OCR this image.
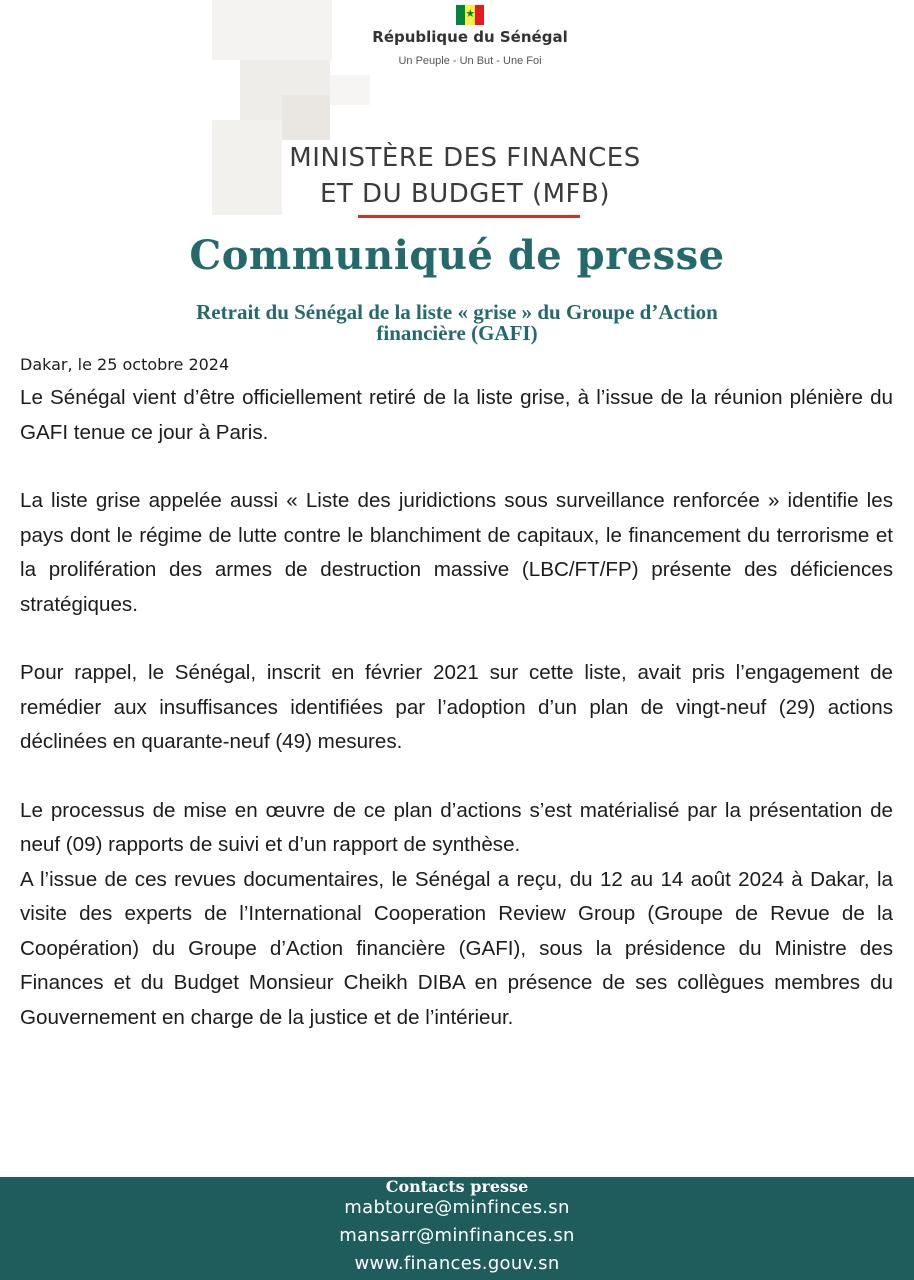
★
République du Sénégal
Un Peuple - Un But - Une Foi
MINISTÈRE DES FINANCES
ET DU BUDGET (MFB)
Communiqué de presse
Retrait du Sénégal de la liste « grise » du Groupe d’Action
financière (GAFI)
Dakar, le 25 octobre 2024

Le Sénégal vient d’être officiellement retiré de la liste grise, à l’issue de la réunion plénière du GAFI tenue ce jour à Paris.

La liste grise appelée aussi « Liste des juridictions sous surveillance renforcée » identifie les pays dont le régime de lutte contre le blanchiment de capitaux, le financement du terrorisme et la prolifération des armes de destruction massive (LBC/FT/FP) présente des déficiences stratégiques.

Pour rappel, le Sénégal, inscrit en février 2021 sur cette liste, avait pris l’engagement de remédier aux insuffisances identifiées par l’adoption d’un plan de vingt-neuf (29) actions déclinées en quarante-neuf (49) mesures.

Le processus de mise en œuvre de ce plan d’actions s’est matérialisé par la présentation de neuf (09) rapports de suivi et d’un rapport de synthèse.

A l’issue de ces revues documentaires, le Sénégal a reçu, du 12 au 14 août 2024 à Dakar, la visite des experts de l’International Cooperation Review Group (Groupe de Revue de la Coopération) du Groupe d’Action financière (GAFI), sous la présidence du Ministre des Finances et du Budget Monsieur Cheikh DIBA en présence de ses collègues membres du Gouvernement en charge de la justice et de l’intérieur.

Contacts presse
mabtoure@minfinces.sn
mansarr@minfinances.sn
www.finances.gouv.sn
